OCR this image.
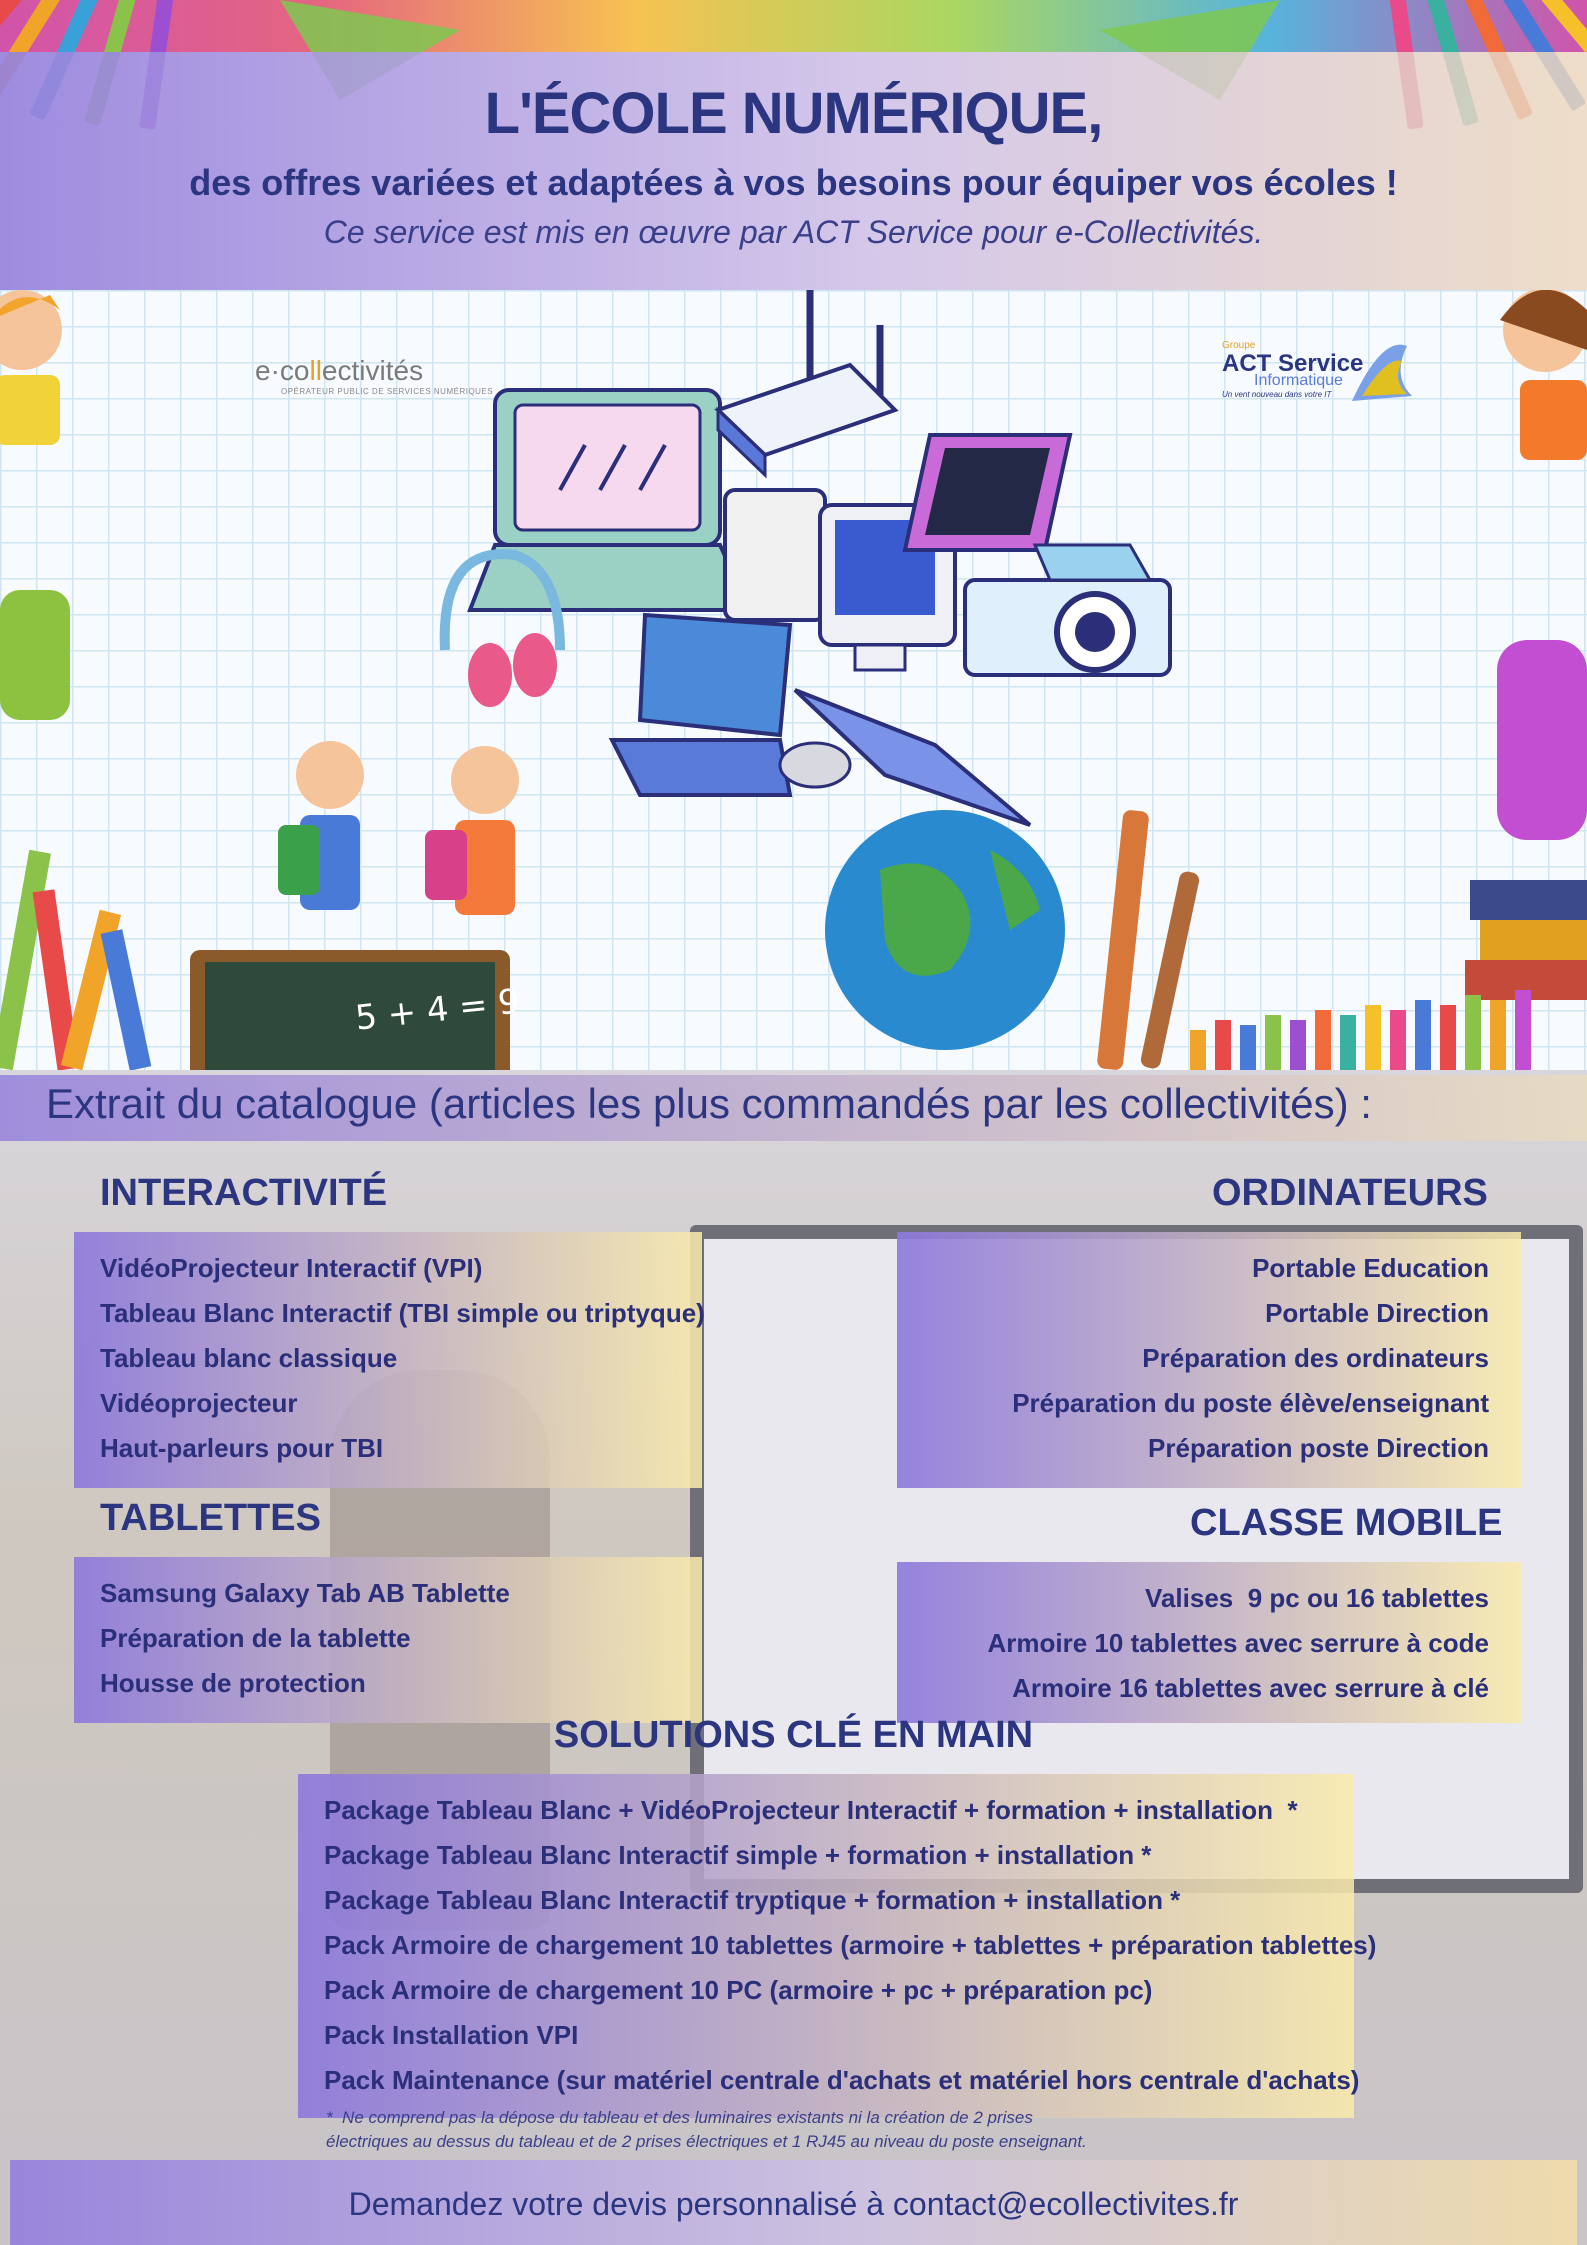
L'ÉCOLE NUMÉRIQUE,
des offres variées et adaptées à vos besoins pour équiper vos écoles !
Ce service est mis en œuvre par ACT Service pour e-Collectivités.
5 + 4 = 9
e·collectivités
OPÉRATEUR PUBLIC DE SERVICES NUMÉRIQUES
Groupe
ACT Service
Informatique
Un vent nouveau dans votre IT
Extrait du catalogue (articles les plus commandés par les collectivités) :
INTERACTIVITÉ
VidéoProjecteur Interactif (VPI)
Tableau Blanc Interactif (TBI simple ou triptyque)
Tableau blanc classique
Vidéoprojecteur
Haut-parleurs pour TBI
ORDINATEURS
Portable Education
Portable Direction
Préparation des ordinateurs
Préparation du poste élève/enseignant
Préparation poste Direction
TABLETTES
Samsung Galaxy Tab AB Tablette
Préparation de la tablette
Housse de protection
CLASSE MOBILE
Valises  9 pc ou 16 tablettes
Armoire 10 tablettes avec serrure à code
Armoire 16 tablettes avec serrure à clé
SOLUTIONS CLÉ EN MAIN
Package Tableau Blanc + VidéoProjecteur Interactif + formation + installation  *
Package Tableau Blanc Interactif simple + formation + installation *
Package Tableau Blanc Interactif tryptique + formation + installation *
Pack Armoire de chargement 10 tablettes (armoire + tablettes + préparation tablettes)
Pack Armoire de chargement 10 PC (armoire + pc + préparation pc)
Pack Installation VPI
Pack Maintenance (sur matériel centrale d'achats et matériel hors centrale d'achats)
*  Ne comprend pas la dépose du tableau et des luminaires existants ni la création de 2 prises
électriques au dessus du tableau et de 2 prises électriques et 1 RJ45 au niveau du poste enseignant.
Demandez votre devis personnalisé à contact@ecollectivites.fr
